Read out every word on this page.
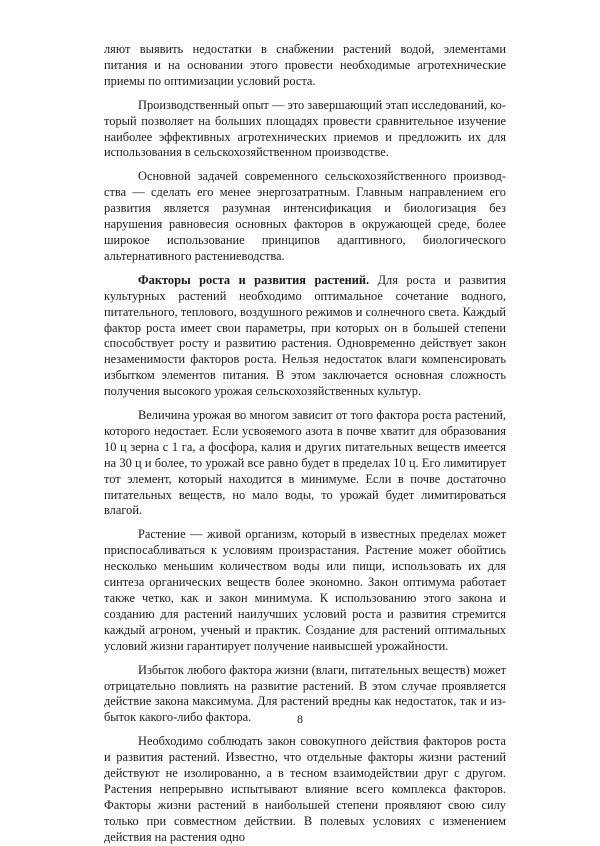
ляют выявить недостатки в снабжении растений водой, элементами питания и на основании этого провести необходимые агротехнические приемы по оптимизации условий роста.

Производственный опыт — это завершающий этап исследований, который позволяет на больших площадях провести сравнительное изучение наиболее эффективных агротехнических приемов и предложить их для использования в сельскохозяйственном производстве.

Основной задачей современного сельскохозяйственного производства — сделать его менее энергозатратным. Главным направлением его развития является разумная интенсификация и биологизация без нарушения равновесия основных факторов в окружающей среде, более широкое использование принципов адаптивного, биологического альтернативного растениеводства.

Факторы роста и развития растений. Для роста и развития культурных растений необходимо оптимальное сочетание водного, питательного, теплового, воздушного режимов и солнечного света. Каждый фактор роста имеет свои параметры, при которых он в большей степени способствует росту и развитию растения. Одновременно действует закон незаменимости факторов роста. Нельзя недостаток влаги компенсировать избытком элементов питания. В этом заключается основная сложность получения высокого урожая сельскохозяйственных культур.

Величина урожая во многом зависит от того фактора роста растений, которого недостает. Если усвояемого азота в почве хватит для образования 10 ц зерна с 1 га, а фосфора, калия и других питательных веществ имеется на 30 ц и более, то урожай все равно будет в пределах 10 ц. Его лимитирует тот элемент, который находится в минимуме. Если в почве достаточно питательных веществ, но мало воды, то урожай будет лимитироваться влагой.

Растение — живой организм, который в известных пределах может приспосабливаться к условиям произрастания. Растение может обойтись несколько меньшим количеством воды или пищи, использовать их для синтеза органических веществ более экономно. Закон оптимума работает также четко, как и закон минимума. К использованию этого закона и созданию для растений наилучших условий роста и развития стремится каждый агроном, ученый и практик. Создание для растений оптимальных условий жизни гарантирует получение наивысшей урожайности.

Избыток любого фактора жизни (влаги, питательных веществ) может отрицательно повлиять на развитие растений. В этом случае проявляется действие закона максимума. Для растений вредны как недостаток, так и избыток какого-либо фактора.

Необходимо соблюдать закон совокупного действия факторов роста и развития растений. Известно, что отдельные факторы жизни растений действуют не изолированно, а в тесном взаимодействии друг с другом. Растения непрерывно испытывают влияние всего комплекса факторов. Факторы жизни растений в наибольшей степени проявляют свою силу только при совместном действии. В полевых условиях с изменением действия на растения одно

8
